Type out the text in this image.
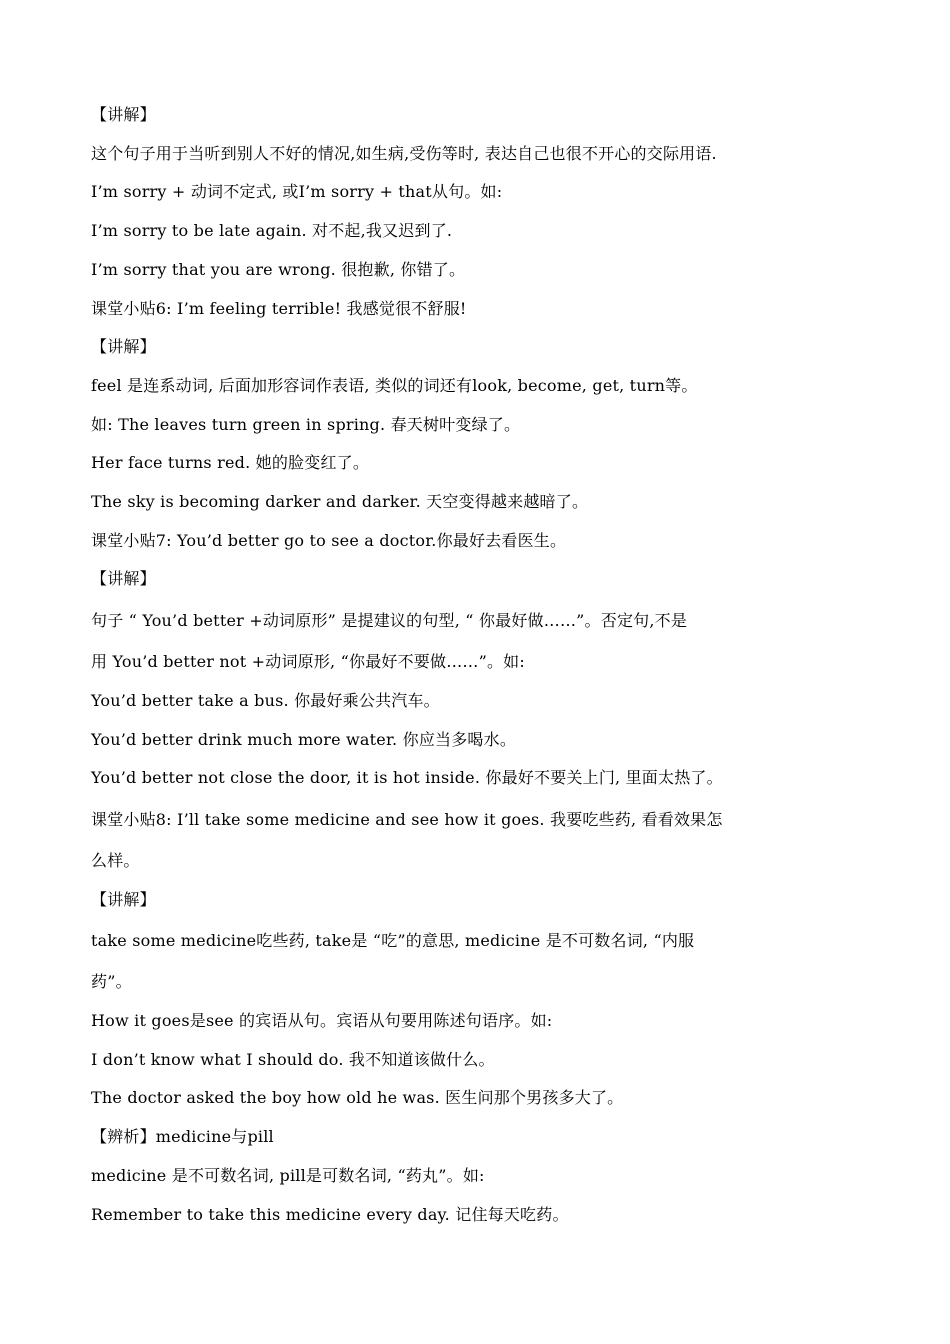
【讲解】
这个句子用于当听到别人不好的情况,如生病,受伤等时, 表达自己也很不开心的交际用语.
I’m sorry + 动词不定式, 或I’m sorry + that从句。如:
I’m sorry to be late again. 对不起,我又迟到了.
I’m sorry that you are wrong. 很抱歉, 你错了。
课堂小贴6: I’m feeling terrible! 我感觉很不舒服!
【讲解】
feel 是连系动词, 后面加形容词作表语, 类似的词还有look, become, get, turn等。
如: The leaves turn green in spring. 春天树叶变绿了。
Her face turns red. 她的脸变红了。
The sky is becoming darker and darker. 天空变得越来越暗了。
课堂小贴7: You’d better go to see a doctor.你最好去看医生。
【讲解】
句子 “ You’d better +动词原形” 是提建议的句型, “ 你最好做……”。否定句,不是
用 You’d better not +动词原形, “你最好不要做……”。如:
You’d better take a bus. 你最好乘公共汽车。
You’d better drink much more water. 你应当多喝水。
You’d better not close the door, it is hot inside. 你最好不要关上门, 里面太热了。
课堂小贴8: I’ll take some medicine and see how it goes. 我要吃些药, 看看效果怎
么样。
【讲解】
take some medicine吃些药, take是 “吃”的意思, medicine 是不可数名词, “内服
药”。
How it goes是see 的宾语从句。宾语从句要用陈述句语序。如:
I don’t know what I should do. 我不知道该做什么。
The doctor asked the boy how old he was. 医生问那个男孩多大了。
【辨析】medicine与pill
medicine 是不可数名词, pill是可数名词, “药丸”。如:
Remember to take this medicine every day. 记住每天吃药。
